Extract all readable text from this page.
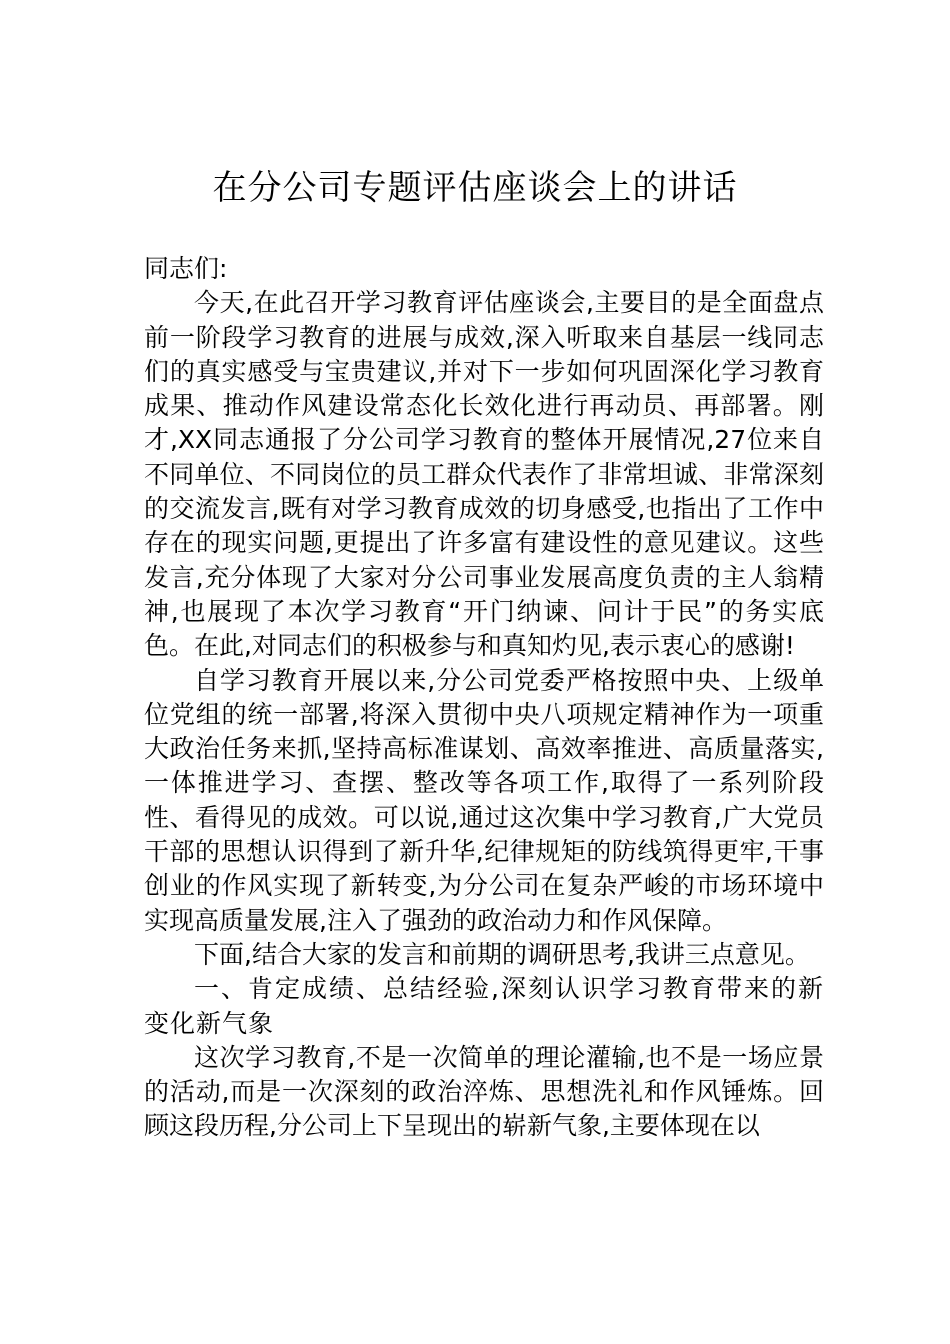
在分公司专题评估座谈会上的讲话

同志们:

今天,在此召开学习教育评估座谈会,主要目的是全面盘点前一阶段学习教育的进展与成效,深入听取来自基层一线同志们的真实感受与宝贵建议,并对下一步如何巩固深化学习教育成果、推动作风建设常态化长效化进行再动员、再部署。刚才,XX同志通报了分公司学习教育的整体开展情况,27位来自不同单位、不同岗位的员工群众代表作了非常坦诚、非常深刻的交流发言,既有对学习教育成效的切身感受,也指出了工作中存在的现实问题,更提出了许多富有建设性的意见建议。这些发言,充分体现了大家对分公司事业发展高度负责的主人翁精神,也展现了本次学习教育“开门纳谏、问计于民”的务实底色。在此,对同志们的积极参与和真知灼见,表示衷心的感谢!

自学习教育开展以来,分公司党委严格按照中央、上级单位党组的统一部署,将深入贯彻中央八项规定精神作为一项重大政治任务来抓,坚持高标准谋划、高效率推进、高质量落实,一体推进学习、查摆、整改等各项工作,取得了一系列阶段性、看得见的成效。可以说,通过这次集中学习教育,广大党员干部的思想认识得到了新升华,纪律规矩的防线筑得更牢,干事创业的作风实现了新转变,为分公司在复杂严峻的市场环境中实现高质量发展,注入了强劲的政治动力和作风保障。

下面,结合大家的发言和前期的调研思考,我讲三点意见。

一、肯定成绩、总结经验,深刻认识学习教育带来的新变化新气象

这次学习教育,不是一次简单的理论灌输,也不是一场应景的活动,而是一次深刻的政治淬炼、思想洗礼和作风锤炼。回顾这段历程,分公司上下呈现出的崭新气象,主要体现在以
